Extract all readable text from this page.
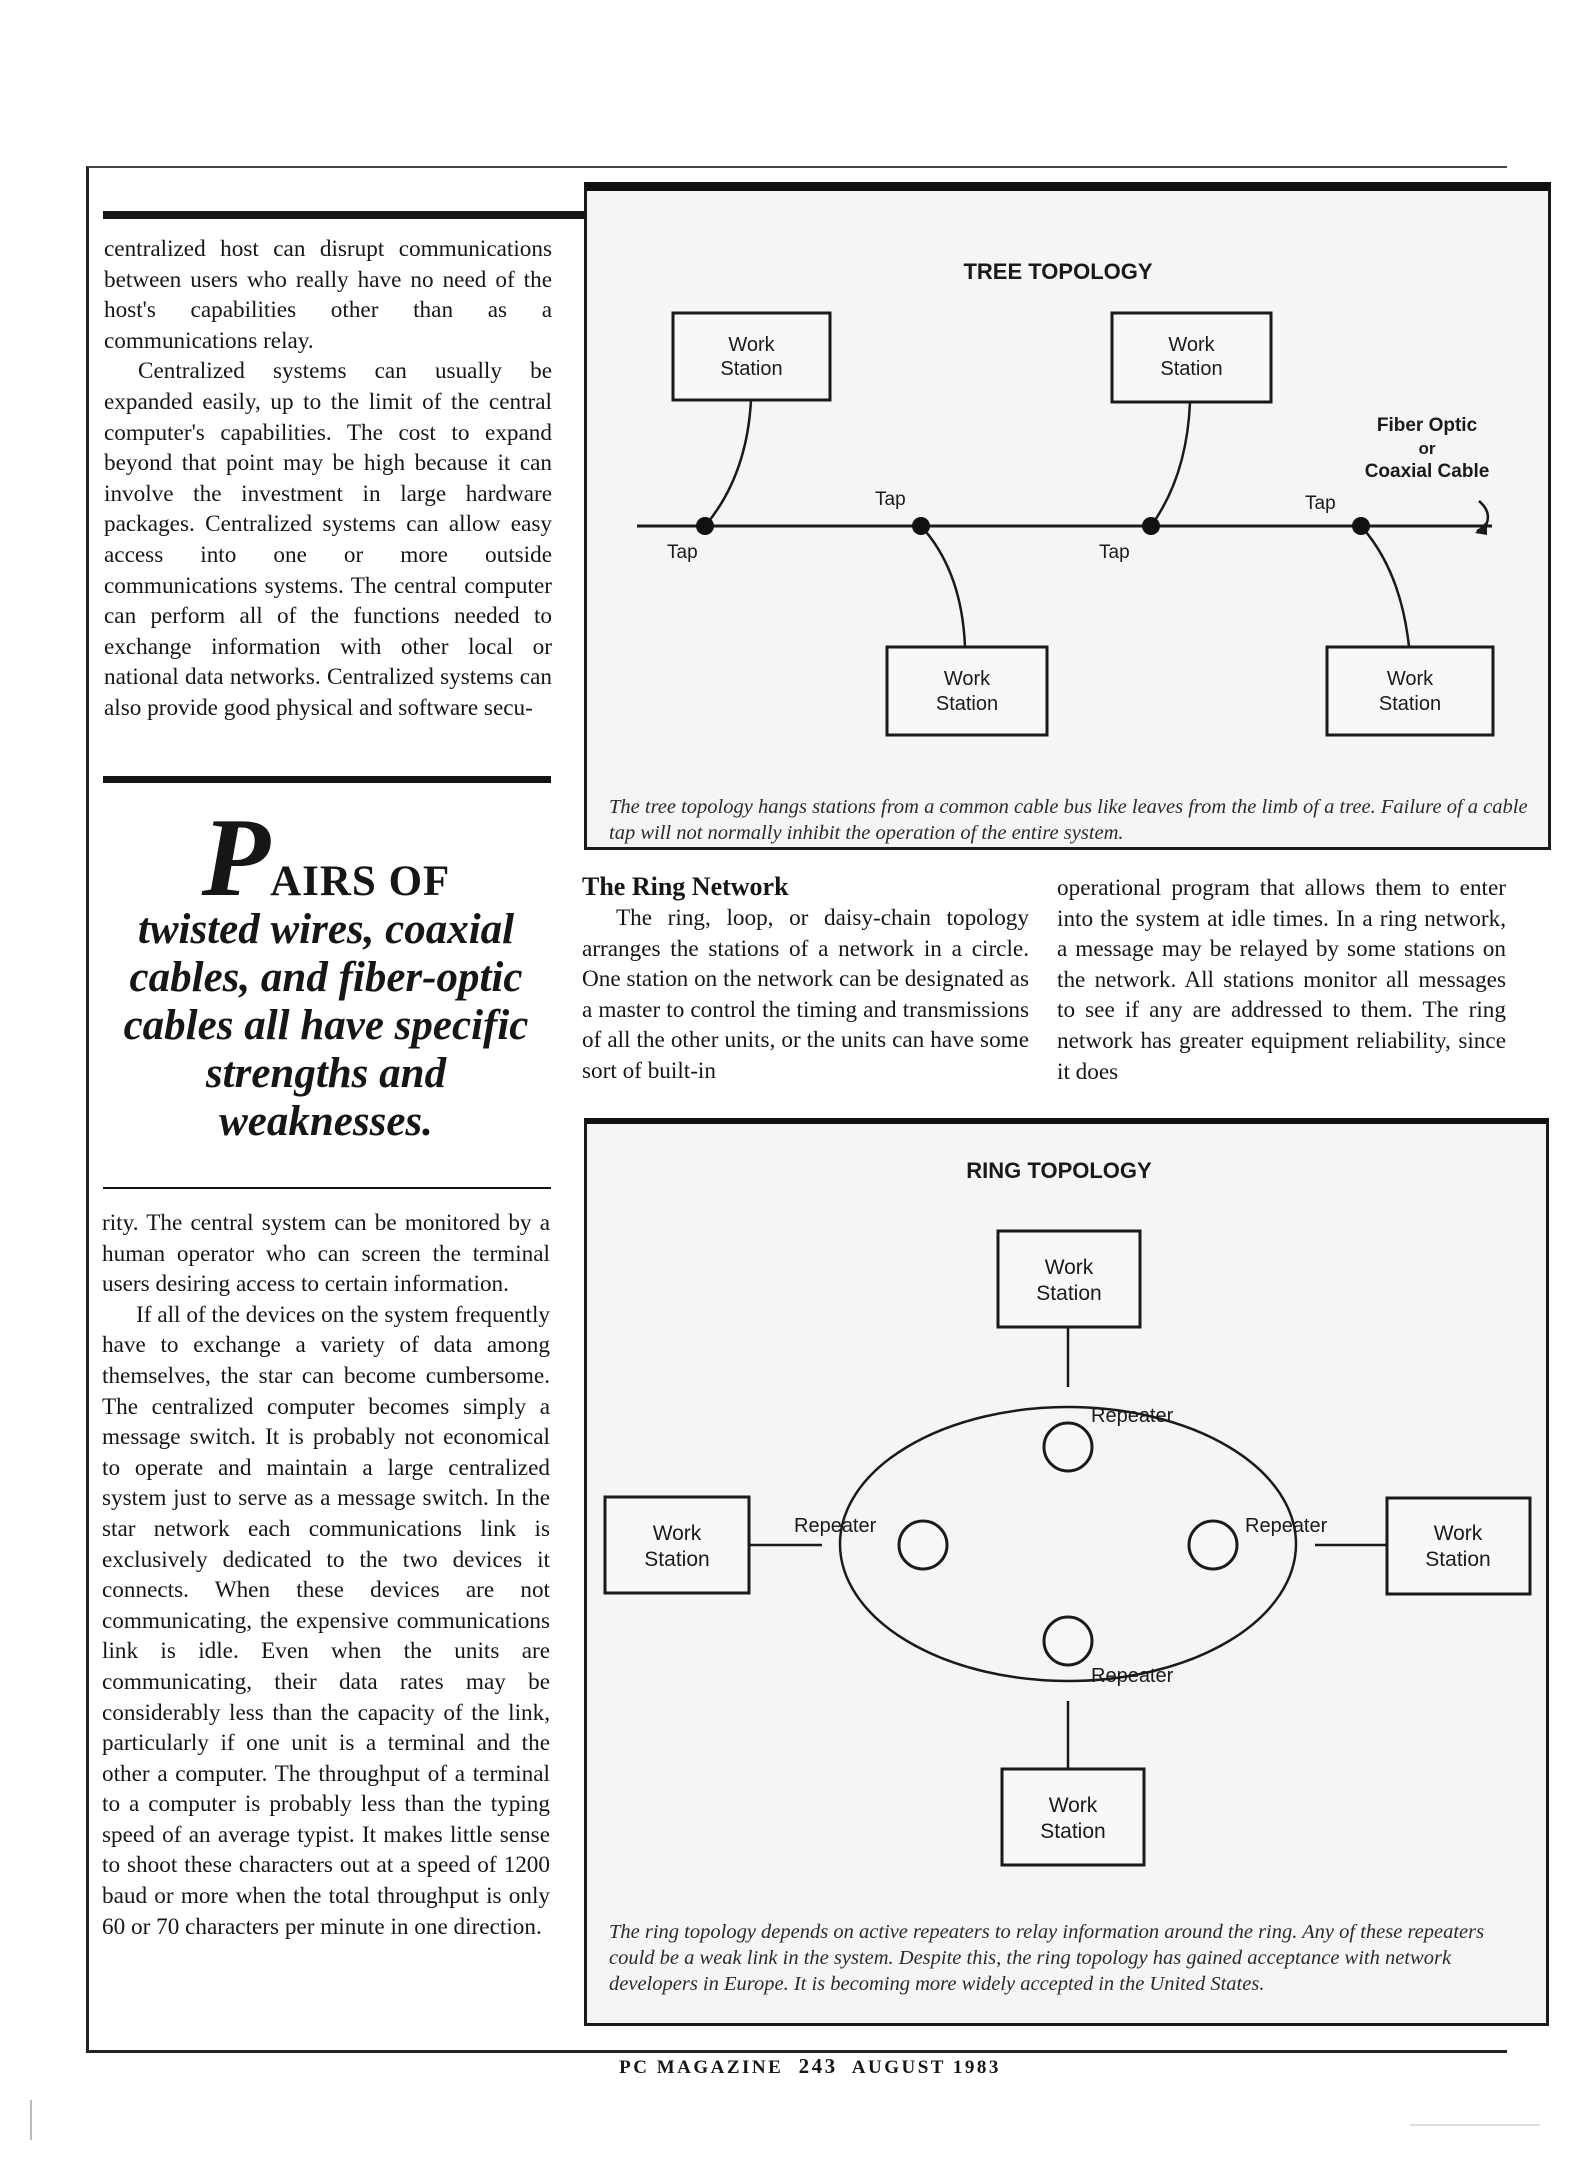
centralized host can disrupt communications between users who really have no need of the host's capabilities other than as a communications relay.

Centralized systems can usually be expanded easily, up to the limit of the central computer's capabilities. The cost to expand beyond that point may be high because it can involve the investment in large hardware packages. Centralized systems can allow easy access into one or more outside communications systems. The central computer can perform all of the functions needed to exchange information with other local or national data networks. Centralized systems can also provide good physical and software secu-

PAIRS OF
twisted wires, coaxial
cables, and fiber-optic
cables all have specific
strengths and
weaknesses.

rity. The central system can be monitored by a human operator who can screen the terminal users desiring access to certain information.

If all of the devices on the system frequently have to exchange a variety of data among themselves, the star can become cumbersome. The centralized computer becomes simply a message switch. It is probably not economical to operate and maintain a large centralized system just to serve as a message switch. In the star network each communications link is exclusively dedicated to the two devices it connects. When these devices are not communicating, the expensive communications link is idle. Even when the units are communicating, their data rates may be considerably less than the capacity of the link, particularly if one unit is a terminal and the other a computer. The throughput of a terminal to a computer is probably less than the typing speed of an average typist. It makes little sense to shoot these characters out at a speed of 1200 baud or more when the total throughput is only 60 or 70 characters per minute in one direction.

TREE TOPOLOGY
Work
Station
Work
Station
Work
Station
Work
Station
Tap
Tap
Tap
Tap
Fiber Optic
or
Coaxial Cable
The tree topology hangs stations from a common cable bus like leaves from the limb of a tree. Failure of a cable tap will not normally inhibit the operation of the entire system.
The Ring Network

The ring, loop, or daisy-chain topology arranges the stations of a network in a circle. One station on the network can be designated as a master to control the timing and transmissions of all the other units, or the units can have some sort of built-in

operational program that allows them to enter into the system at idle times. In a ring network, a message may be relayed by some stations on the network. All stations monitor all messages to see if any are addressed to them. The ring network has greater equipment reliability, since it does

RING TOPOLOGY
Work
Station
Work
Station
Work
Station
Work
Station
Repeater
Repeater
Repeater	Repeater
The ring topology depends on active repeaters to relay information around the ring. Any of these repeaters could be a weak link in the system. Despite this, the ring topology has gained acceptance with network developers in Europe. It is becoming more widely accepted in the United States.
PC MAGAZINE 243 AUGUST 1983
